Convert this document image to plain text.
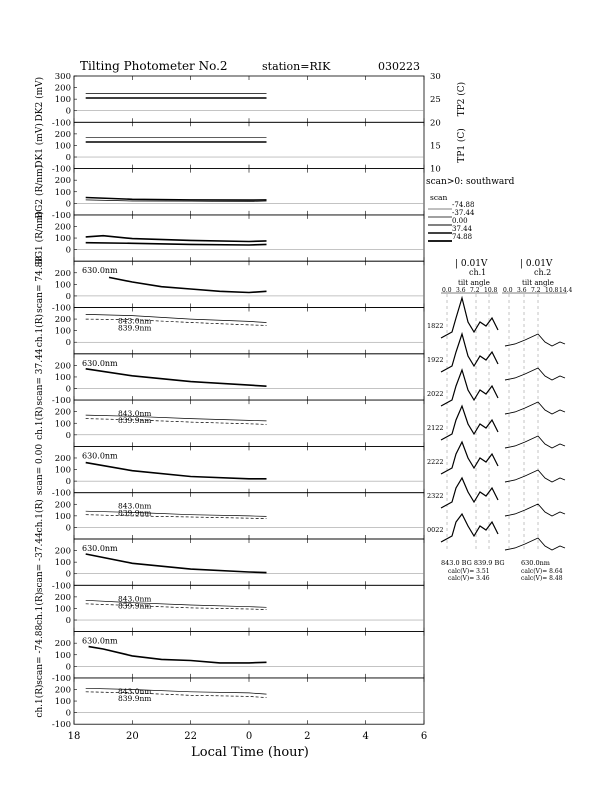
Tilting Photometer No.2	station=RIK	030223
300
200
100
0
DK2 (mV)	TP2 (C)
-100
200
100
0
DK1 (mV)	TP1 (C)
-100
200
100
0
BG2 (R/nm) -100
200
100
0
BG1 (R/nm)
200
100
0
scan= 74.88	630.0nm
-100
200
100
0
ch.1(R)	843.0nm
839.9nm
200
100
0
scan= 37.44	630.0nm
-100
200
100
0
ch.1(R)	843.0nm
839.9nm
200
100
0
scan= 0.00	630.0nm
-100
200
100
0
ch.1(R)	843.0nm
839.9nm
200
100
0
scan= -37.44	630.0nm
-100
200
100
0
ch.1(R)	843.0nm
839.9nm
200
100
0
scan= -74.88	630.0nm
-100
200
100
0
ch.1(R)	843.0nm
839.9nm
30
25
20
15
10
-100
18	20	22	0	2	4	6
Local Time (hour)
scan>0: southward
scan
-74.88
-37.44
0.00
37.44
74.88
| 0.01V	| 0.01V
ch.1	ch.2
tilt angle	tilt angle
0.0 3.6 7.2 10.8 0.0 3.6 7.2 10.8 14.4
1822
1922
2022
2122
2222
2322
0022
843.0 BG 839.9 BG	630.0nm
calc(V)= 3.51
calc(V)= 3.46
calc(V)= 8.64
calc(V)= 8.48
